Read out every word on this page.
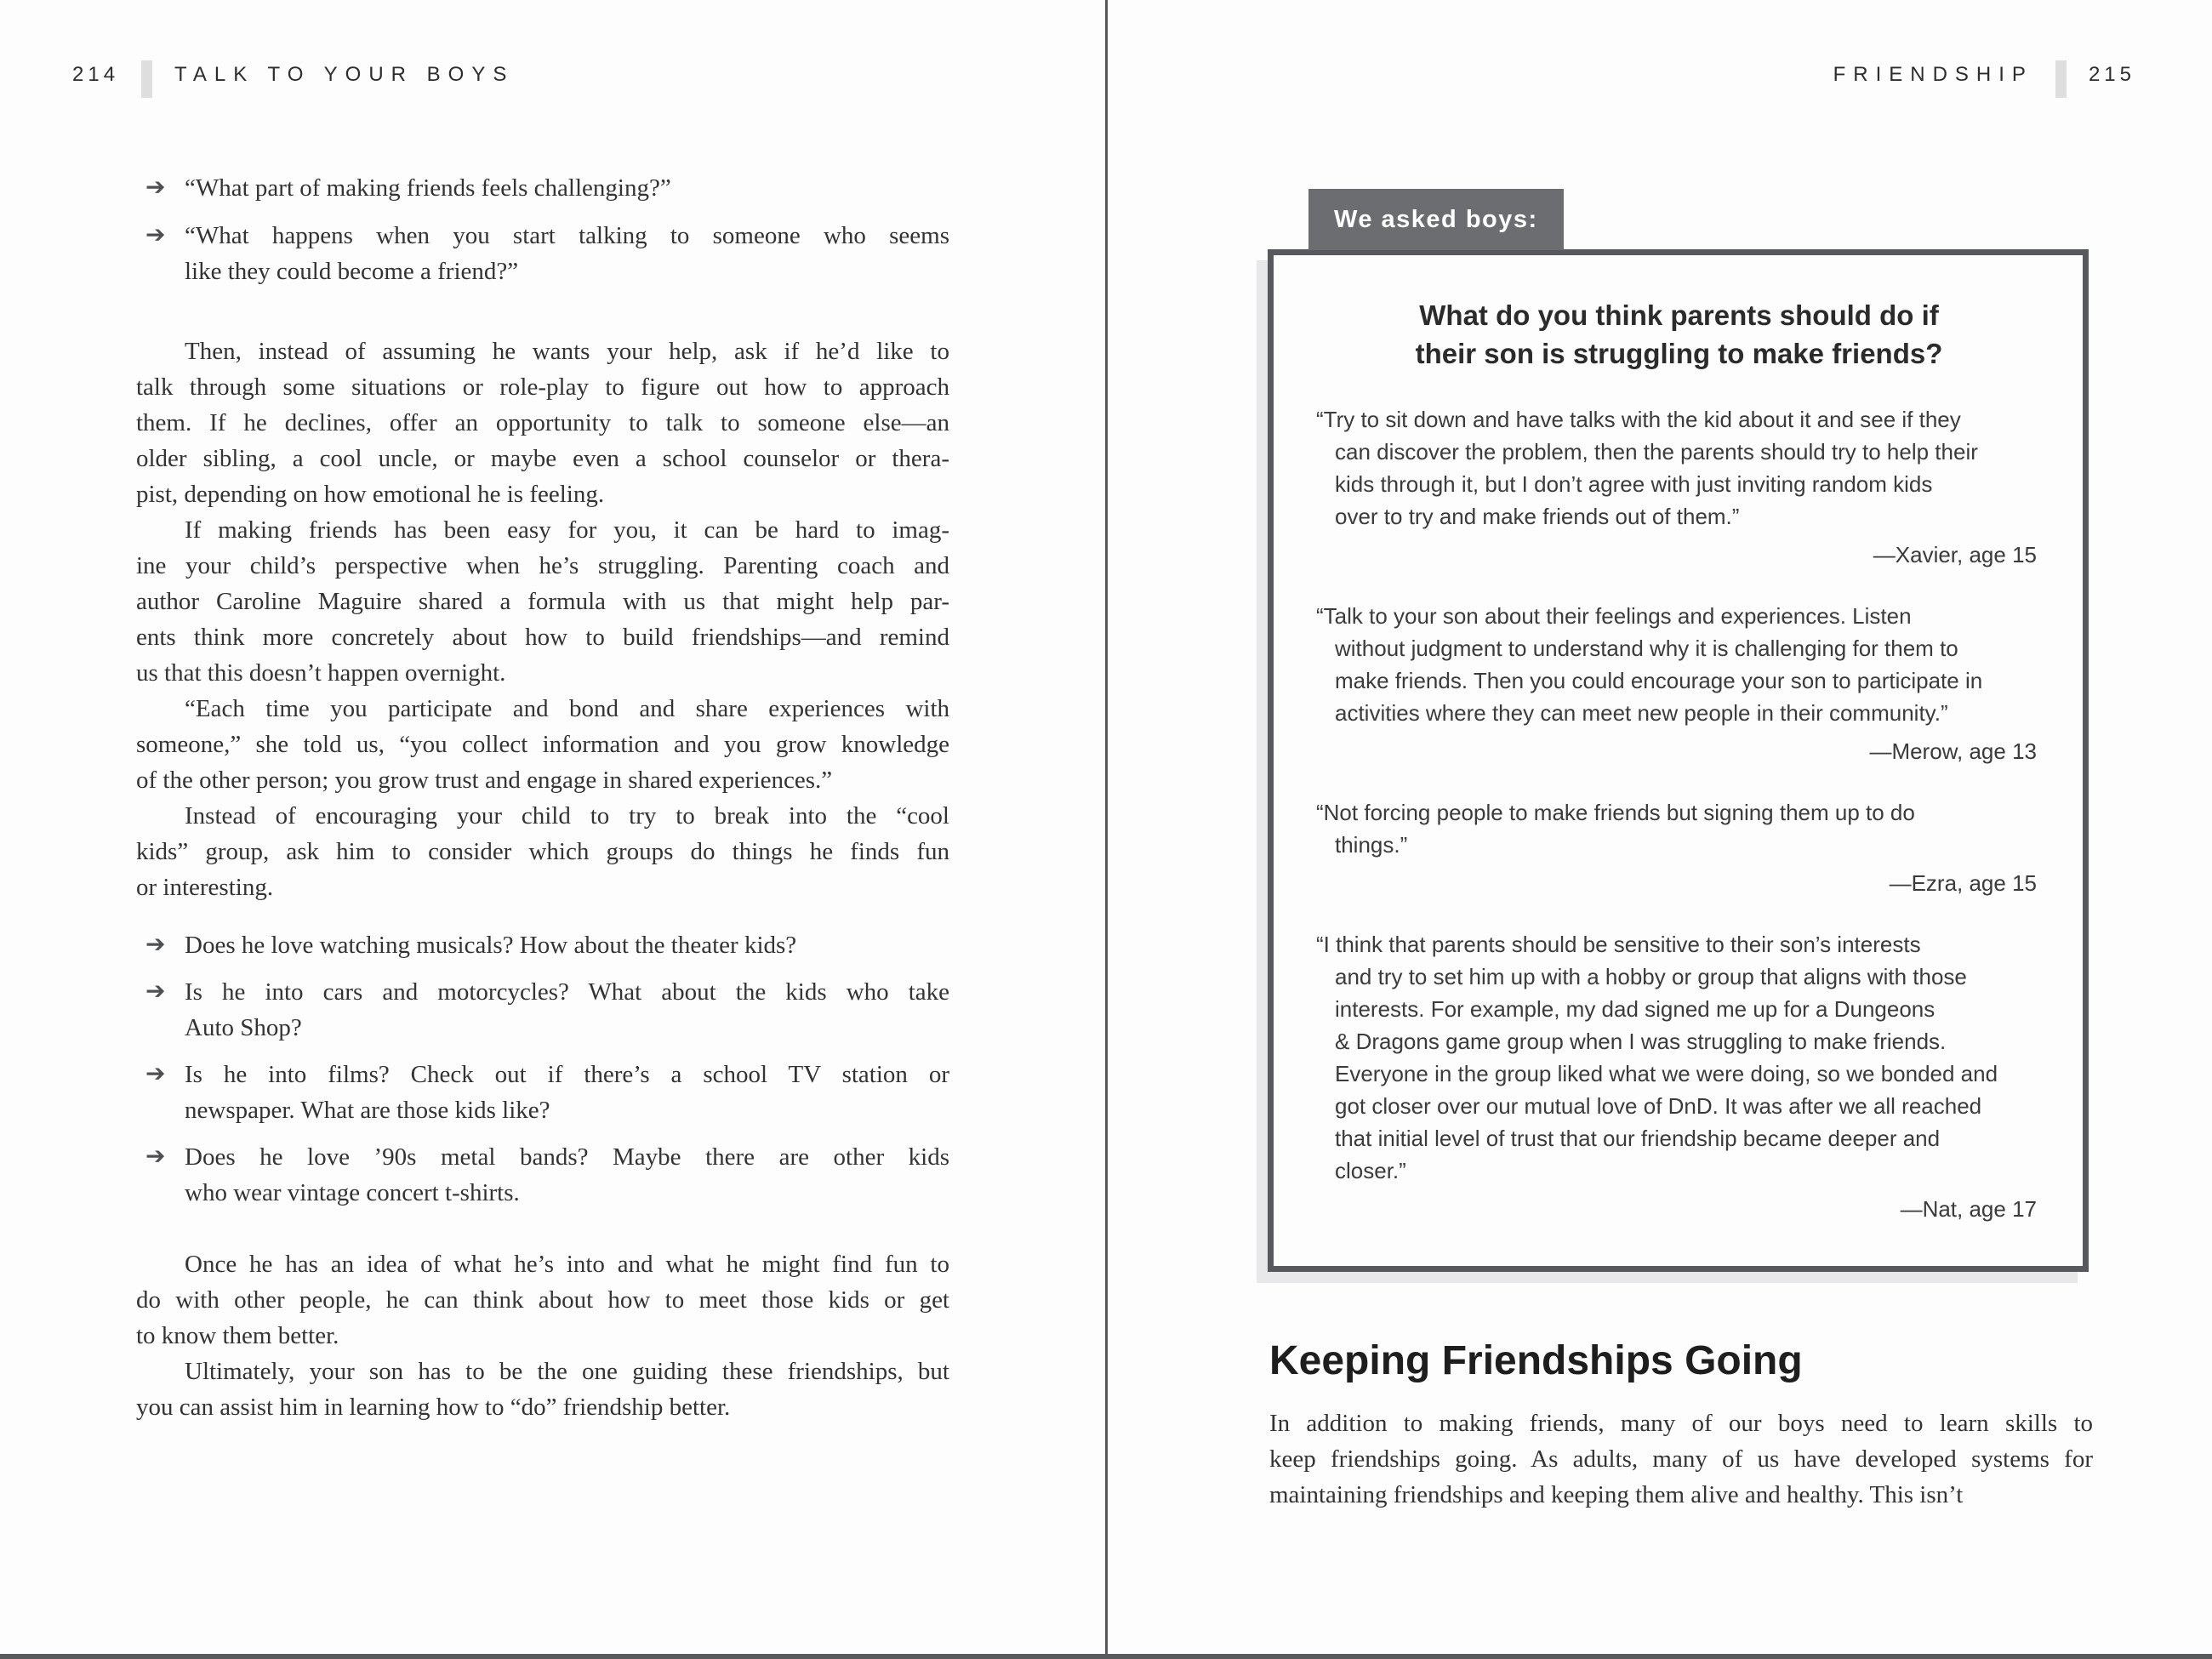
214	TALK TO YOUR BOYS
➔ “What part of making friends feels challenging?”
➔ “What happens when you start talking to someone who seems
like they could become a friend?”
Then, instead of assuming he wants your help, ask if he’d like to
talk through some situations or role-play to figure out how to approach
them. If he declines, offer an opportunity to talk to someone else—an
older sibling, a cool uncle, or maybe even a school counselor or thera-
pist, depending on how emotional he is feeling.
If making friends has been easy for you, it can be hard to imag-
ine your child’s perspective when he’s struggling. Parenting coach and
author Caroline Maguire shared a formula with us that might help par-
ents think more concretely about how to build friendships—and remind
us that this doesn’t happen overnight.
“Each time you participate and bond and share experiences with
someone,” she told us, “you collect information and you grow knowledge
of the other person; you grow trust and engage in shared experiences.”
Instead of encouraging your child to try to break into the “cool
kids” group, ask him to consider which groups do things he finds fun
or interesting.
➔ Does he love watching musicals? How about the theater kids?
➔ Is he into cars and motorcycles? What about the kids who take
Auto Shop?
➔ Is he into films? Check out if there’s a school TV station or
newspaper. What are those kids like?
➔ Does he love ’90s metal bands? Maybe there are other kids
who wear vintage concert t-shirts.
Once he has an idea of what he’s into and what he might find fun to
do with other people, he can think about how to meet those kids or get
to know them better.
Ultimately, your son has to be the one guiding these friendships, but
you can assist him in learning how to “do” friendship better.
FRIENDSHIP	215
We asked boys:
What do you think parents should do if
their son is struggling to make friends?
“Try to sit down and have talks with the kid about it and see if they
can discover the problem, then the parents should try to help their
kids through it, but I don’t agree with just inviting random kids
over to try and make friends out of them.”
—Xavier, age 15
“Talk to your son about their feelings and experiences. Listen
without judgment to understand why it is challenging for them to
make friends. Then you could encourage your son to participate in
activities where they can meet new people in their community.”
—Merow, age 13
“Not forcing people to make friends but signing them up to do
things.”
—Ezra, age 15
“I think that parents should be sensitive to their son’s interests
and try to set him up with a hobby or group that aligns with those
interests. For example, my dad signed me up for a Dungeons
& Dragons game group when I was struggling to make friends.
Everyone in the group liked what we were doing, so we bonded and
got closer over our mutual love of DnD. It was after we all reached
that initial level of trust that our friendship became deeper and
closer.”
—Nat, age 17
Keeping Friendships Going
In addition to making friends, many of our boys need to learn skills to
keep friendships going. As adults, many of us have developed systems for
maintaining friendships and keeping them alive and healthy. This isn’t
